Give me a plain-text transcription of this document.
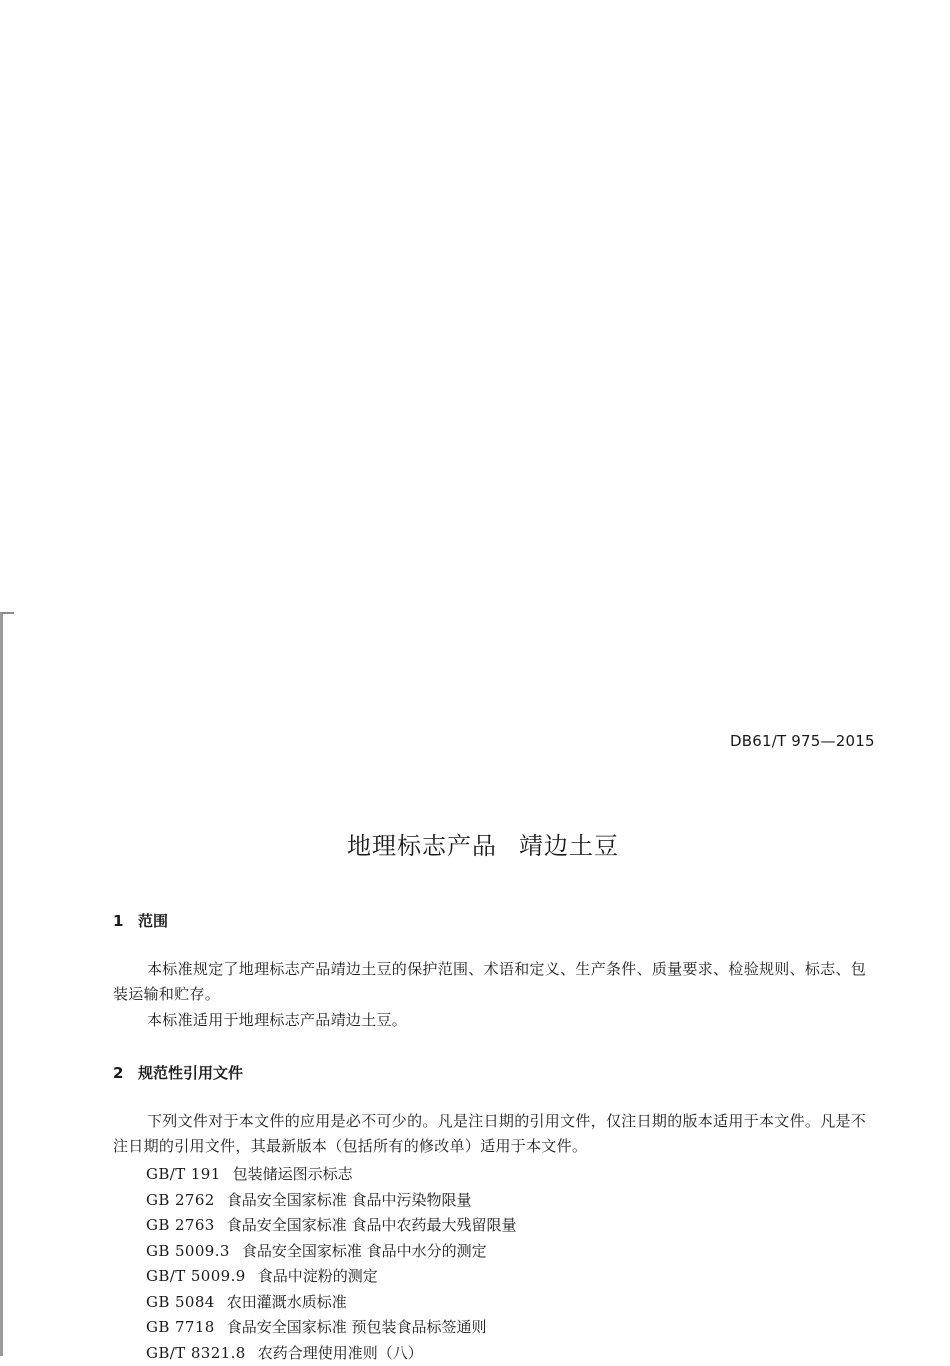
DB61/T 975—2015
地理标志产品 靖边土豆
1 范围
本标准规定了地理标志产品靖边土豆的保护范围、术语和定义、生产条件、质量要求、检验规则、标志、包装运输和贮存。
本标准适用于地理标志产品靖边土豆。
2 规范性引用文件
下列文件对于本文件的应用是必不可少的。凡是注日期的引用文件，仅注日期的版本适用于本文件。凡是不注日期的引用文件，其最新版本（包括所有的修改单）适用于本文件。
GB/T 191 包装储运图示标志
GB 2762 食品安全国家标准 食品中污染物限量
GB 2763 食品安全国家标准 食品中农药最大残留限量
GB 5009.3 食品安全国家标准 食品中水分的测定
GB/T 5009.9 食品中淀粉的测定
GB 5084 农田灌溉水质标准
GB 7718 食品安全国家标准 预包装食品标签通则
GB/T 8321.8 农药合理使用准则（八）
